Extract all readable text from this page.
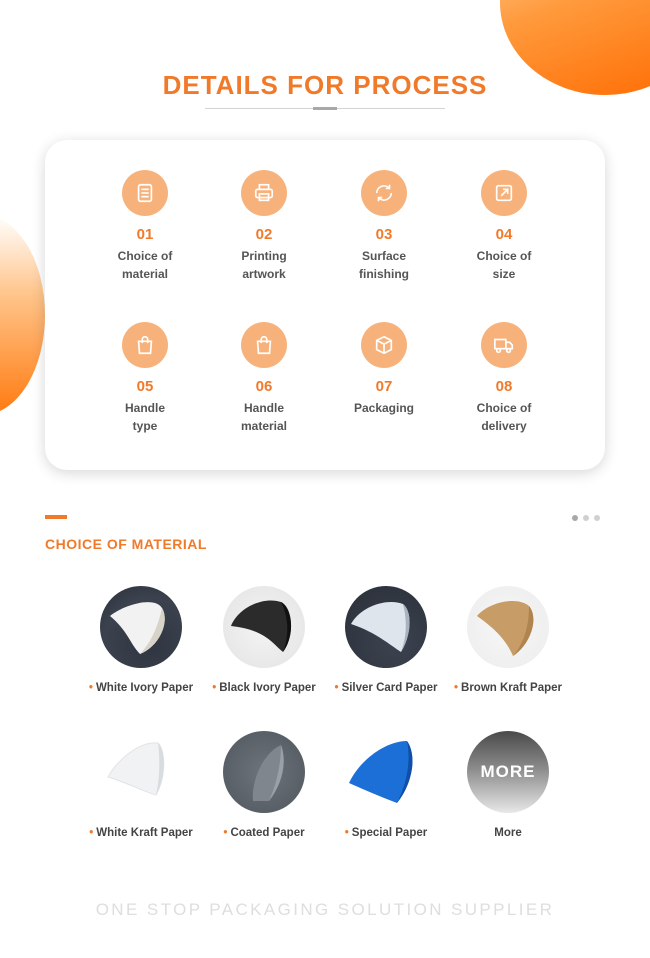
DETAILS FOR PROCESS
01
Choice of
material
02
Printing
artwork
03
Surface
finishing
04
Choice of
size
05
Handle
type
06
Handle
material
07
Packaging
08
Choice of
delivery
CHOICE OF MATERIAL
• White Ivory Paper	• Black Ivory Paper	• Silver Card Paper	• Brown Kraft Paper
• White Kraft Paper	• Coated Paper	• Special Paper
MORE
More
ONE STOP PACKAGING SOLUTION SUPPLIER
